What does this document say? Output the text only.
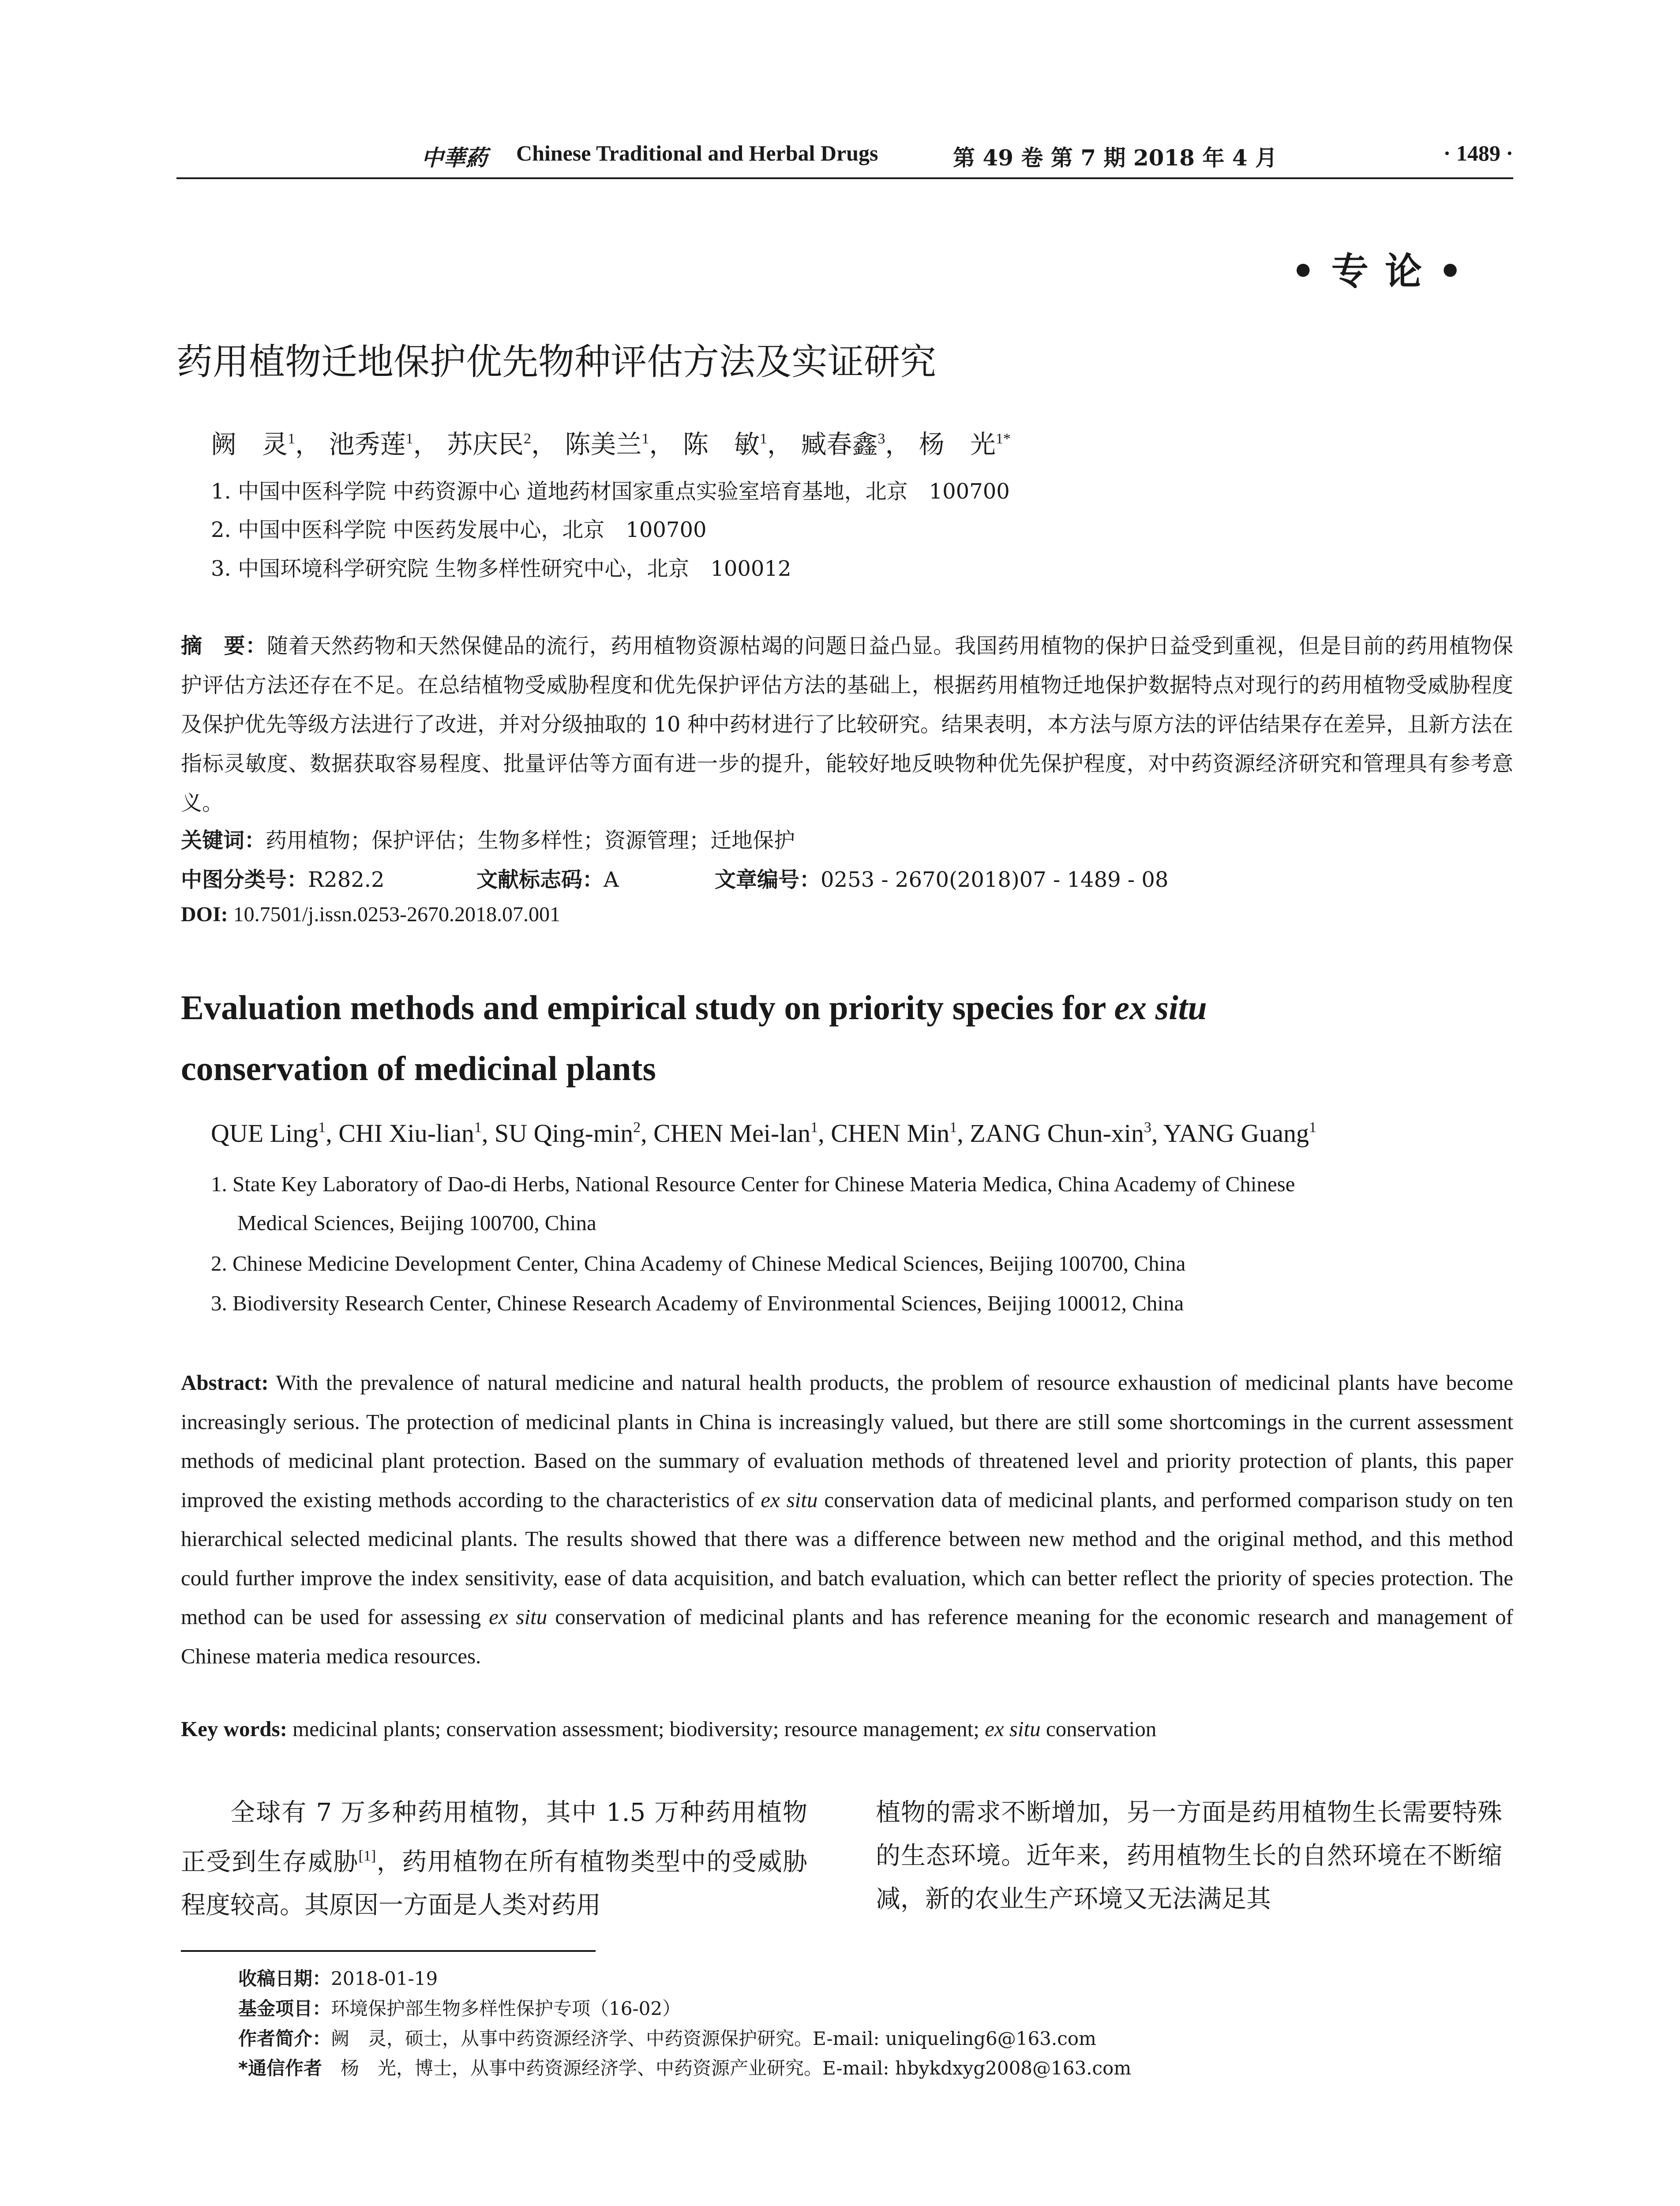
中華葯 Chinese Traditional and Herbal Drugs	第 49 卷 第 7 期 2018 年 4 月	· 1489 ·
• 专 论 •
药用植物迁地保护优先物种评估方法及实证研究
阙　灵$^1$， 池秀莲$^1$， 苏庆民$^2$， 陈美兰$^1$， 陈　敏$^1$， 臧春鑫$^3$， 杨　光$^{1*}$
1. 中国中医科学院 中药资源中心 道地药材国家重点实验室培育基地，北京　100700
2. 中国中医科学院 中医药发展中心，北京　100700
3. 中国环境科学研究院 生物多样性研究中心，北京　100012
摘　要：随着天然药物和天然保健品的流行，药用植物资源枯竭的问题日益凸显。我国药用植物的保护日益受到重视，但是目前的药用植物保护评估方法还存在不足。在总结植物受威胁程度和优先保护评估方法的基础上，根据药用植物迁地保护数据特点对现行的药用植物受威胁程度及保护优先等级方法进行了改进，并对分级抽取的 10 种中药材进行了比较研究。结果表明，本方法与原方法的评估结果存在差异，且新方法在指标灵敏度、数据获取容易程度、批量评估等方面有进一步的提升，能较好地反映物种优先保护程度，对中药资源经济研究和管理具有参考意义。
关键词：药用植物；保护评估；生物多样性；资源管理；迁地保护
中图分类号：R282.2	文献标志码：A	文章编号：0253 - 2670(2018)07 - 1489 - 08
DOI: 10.7501/j.issn.0253-2670.2018.07.001
Evaluation methods and empirical study on priority species for ex situ
conservation of medicinal plants
QUE Ling$^1$, CHI Xiu-lian$^1$, SU Qing-$\min^2$, CHEN Mei-lan$^1$, CHEN Min$^1$, ZANG Chun-xin$^3$, YANG Guang$^1$
1. State Key Laboratory of Dao-di Herbs, National Resource Center for Chinese Materia Medica, China Academy of Chinese
Medical Sciences, Beijing 100700, China
2. Chinese Medicine Development Center, China Academy of Chinese Medical Sciences, Beijing 100700, China
3. Biodiversity Research Center, Chinese Research Academy of Environmental Sciences, Beijing 100012, China
Abstract: With the prevalence of natural medicine and natural health products, the problem of resource exhaustion of medicinal plants have become increasingly serious. The protection of medicinal plants in China is increasingly valued, but there are still some shortcomings in the current assessment methods of medicinal plant protection. Based on the summary of evaluation methods of threatened level and priority protection of plants, this paper improved the existing methods according to the characteristics of ex situ conservation data of medicinal plants, and performed comparison study on ten hierarchical selected medicinal plants. The results showed that there was a difference between new method and the original method, and this method could further improve the index sensitivity, ease of data acquisition, and batch evaluation, which can better reflect the priority of species protection. The method can be used for assessing ex situ conservation of medicinal plants and has reference meaning for the economic research and management of Chinese materia medica resources.
Key words: medicinal plants; conservation assessment; biodiversity; resource management; ex situ conservation
全球有 7 万多种药用植物，其中 1.5 万种药用植物正受到生存威胁[1]，药用植物在所有植物类型中的受威胁程度较高。其原因一方面是人类对药用
植物的需求不断增加，另一方面是药用植物生长需要特殊的生态环境。近年来，药用植物生长的自然环境在不断缩减，新的农业生产环境又无法满足其
收稿日期：2018-01-19
基金项目：环境保护部生物多样性保护专项（16-02）
作者简介：阙　灵，硕士，从事中药资源经济学、中药资源保护研究。E-mail: uniqueling6@163.com
*通信作者　杨　光，博士，从事中药资源经济学、中药资源产业研究。E-mail: hbykdxyg2008@163.com
